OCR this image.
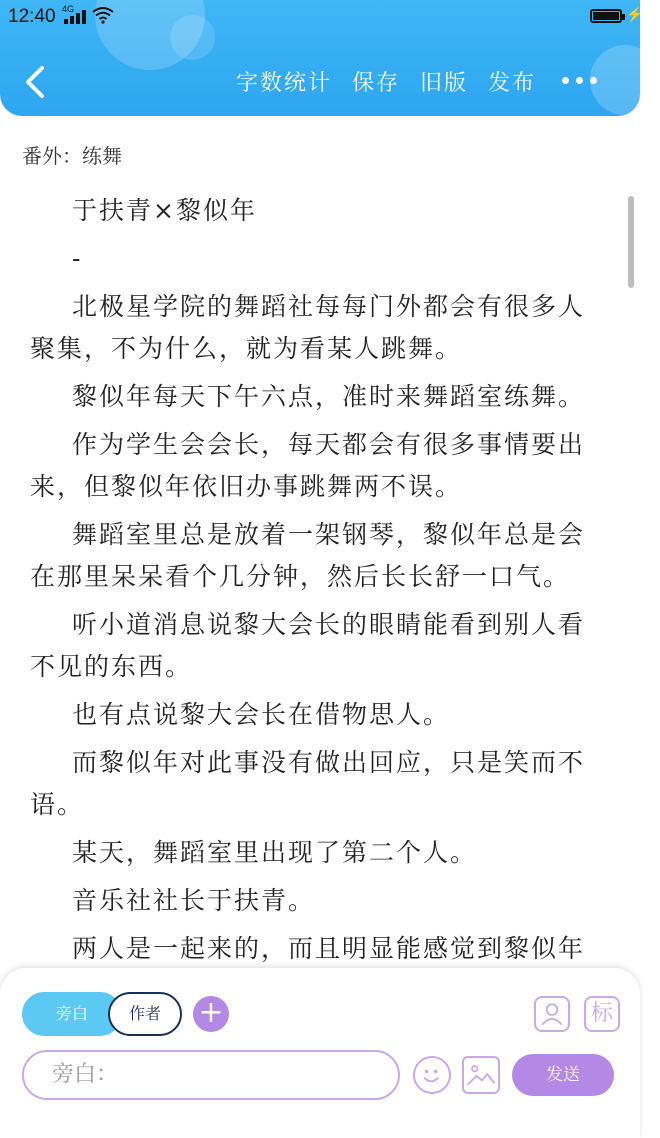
12:40 4G	⚡
字数统计 保存 旧版 发布
番外：练舞

于扶青×黎似年

-

北极星学院的舞蹈社每每门外都会有很多人聚集，不为什么，就为看某人跳舞。

黎似年每天下午六点，准时来舞蹈室练舞。

作为学生会会长，每天都会有很多事情要出来，但黎似年依旧办事跳舞两不误。

舞蹈室里总是放着一架钢琴，黎似年总是会在那里呆呆看个几分钟，然后长长舒一口气。

听小道消息说黎大会长的眼睛能看到别人看不见的东西。

也有点说黎大会长在借物思人。

而黎似年对此事没有做出回应，只是笑而不语。

某天，舞蹈室里出现了第二个人。

音乐社社长于扶青。

两人是一起来的，而且明显能感觉到黎似年

旁白	作者	+	标
旁白：	发送
